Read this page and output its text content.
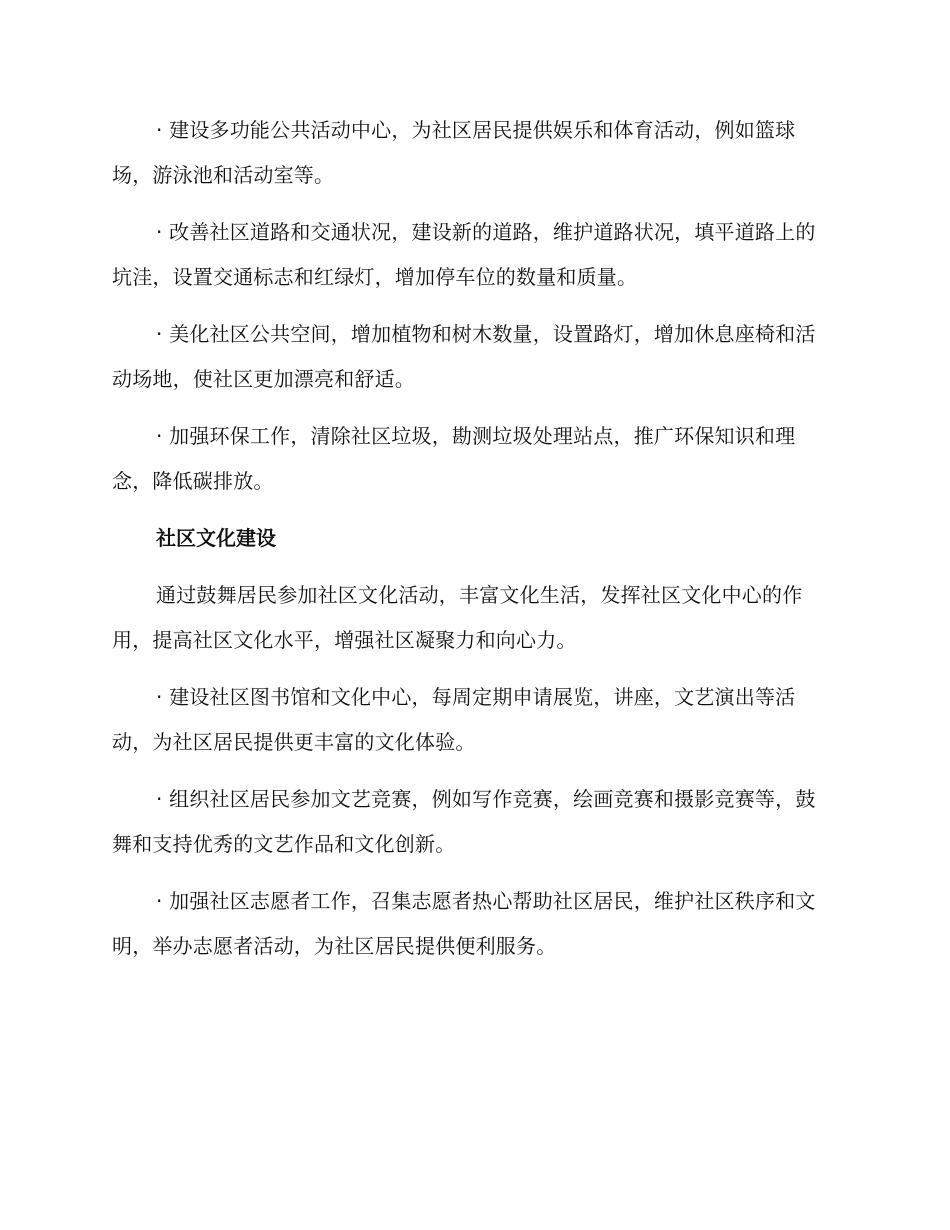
· 建设多功能公共活动中心，为社区居民提供娱乐和体育活动，例如篮球场，游泳池和活动室等。

· 改善社区道路和交通状况，建设新的道路，维护道路状况，填平道路上的坑洼，设置交通标志和红绿灯，增加停车位的数量和质量。

· 美化社区公共空间，增加植物和树木数量，设置路灯，增加休息座椅和活动场地，使社区更加漂亮和舒适。

· 加强环保工作，清除社区垃圾，勘测垃圾处理站点，推广环保知识和理念，降低碳排放。

社区文化建设

通过鼓舞居民参加社区文化活动，丰富文化生活，发挥社区文化中心的作用，提高社区文化水平，增强社区凝聚力和向心力。

· 建设社区图书馆和文化中心，每周定期申请展览，讲座，文艺演出等活动，为社区居民提供更丰富的文化体验。

· 组织社区居民参加文艺竞赛，例如写作竞赛，绘画竞赛和摄影竞赛等，鼓舞和支持优秀的文艺作品和文化创新。

· 加强社区志愿者工作，召集志愿者热心帮助社区居民，维护社区秩序和文明，举办志愿者活动，为社区居民提供便利服务。
